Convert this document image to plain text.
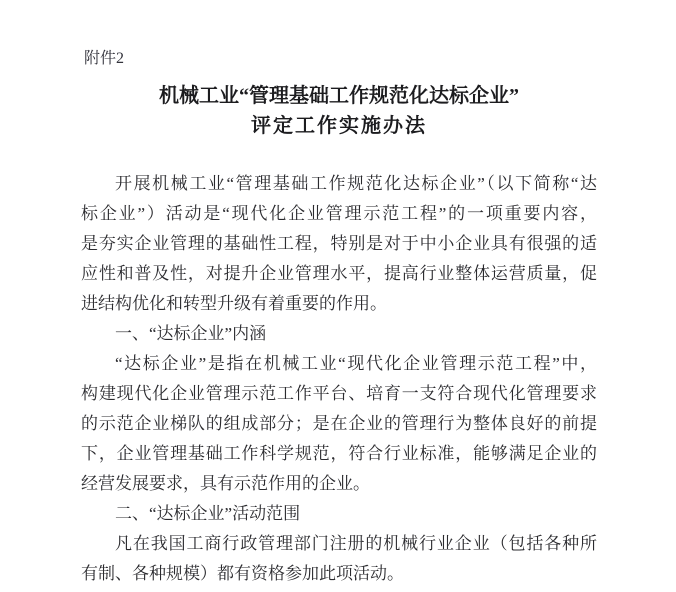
附件2
机械工业“管理基础工作规范化达标企业”
评定工作实施办法
开展机械工业“管理基础工作规范化达标企业”（以下简称“达
标企业”）活动是“现代化企业管理示范工程”的一项重要内容，
是夯实企业管理的基础性工程，特别是对于中小企业具有很强的适
应性和普及性，对提升企业管理水平，提高行业整体运营质量，促
进结构优化和转型升级有着重要的作用。
一、“达标企业”内涵
“达标企业”是指在机械工业“现代化企业管理示范工程”中，
构建现代化企业管理示范工作平台、培育一支符合现代化管理要求
的示范企业梯队的组成部分；是在企业的管理行为整体良好的前提
下，企业管理基础工作科学规范，符合行业标准，能够满足企业的
经营发展要求，具有示范作用的企业。
二、“达标企业”活动范围
凡在我国工商行政管理部门注册的机械行业企业（包括各种所
有制、各种规模）都有资格参加此项活动。
